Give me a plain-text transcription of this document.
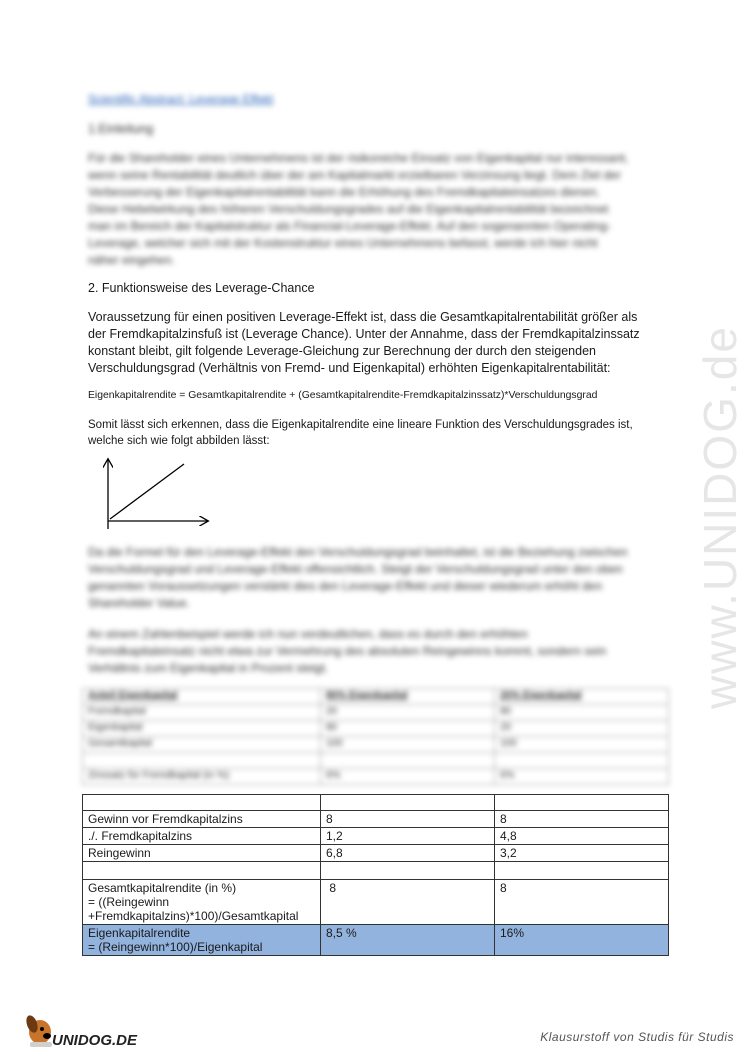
www.UNIDOG.de
Scientific Abstract: Leverage Effekt
1.Einleitung
Für die Shareholder eines Unternehmens ist der risikoreiche Einsatz von Eigenkapital nur interessant,
wenn seine Rentabilität deutlich über der am Kapitalmarkt erzielbaren Verzinsung liegt. Dem Ziel der
Verbesserung der Eigenkapitalrentabilität kann die Erhöhung des Fremdkapitaleinsatzes dienen.
Diese Hebelwirkung des höheren Verschuldungsgrades auf die Eigenkapitalrentabilität bezeichnet
man im Bereich der Kapitalstruktur als Financial-Leverage-Effekt. Auf den sogenannten Operating-
Leverage, welcher sich mit der Kostenstruktur eines Unternehmens befasst, werde ich hier nicht
näher eingehen.
2. Funktionsweise des Leverage-Chance
Voraussetzung für einen positiven Leverage-Effekt ist, dass die Gesamtkapitalrentabilität größer als
der Fremdkapitalzinsfuß ist (Leverage Chance). Unter der Annahme, dass der Fremdkapitalzinssatz
konstant bleibt, gilt folgende Leverage-Gleichung zur Berechnung der durch den steigenden
Verschuldungsgrad (Verhältnis von Fremd- und Eigenkapital) erhöhten Eigenkapitalrentabilität:
Eigenkapitalrendite = Gesamtkapitalrendite + (Gesamtkapitalrendite-Fremdkapitalzinssatz)*Verschuldungsgrad
Somit lässt sich erkennen, dass die Eigenkapitalrendite eine lineare Funktion des Verschuldungsgrades ist,
welche sich wie folgt abbilden lässt:
Da die Formel für den Leverage-Effekt den Verschuldungsgrad beinhaltet, ist die Beziehung zwischen
Verschuldungsgrad und Leverage-Effekt offensichtlich. Steigt der Verschuldungsgrad unter den oben
genannten Voraussetzungen verstärkt dies den Leverage-Effekt und dieser wiederum erhöht den
Shareholder Value.
An einem Zahlenbeispiel werde ich nun verdeutlichen, dass es durch den erhöhten
Fremdkapitaleinsatz nicht etwa zur Vermehrung des absoluten Reingewinns kommt, sondern sein
Verhältnis zum Eigenkapital in Prozent steigt.
Anteil Eigenkapital	80% Eigenkapital	20% Eigenkapital
Fremdkapital	20	80
Eigenkapital	80	20
Gesamtkapital	100	100

Zinssatz für Fremdkapital (in %)	6%	6%

Gewinn vor Fremdkapitalzins	8	8
./. Fremdkapitalzins	1,2	4,8
Reingewinn	6,8	3,2

Gesamtkapitalrendite (in %)
= ((Reingewinn
+Fremdkapitalzins)*100)/Gesamtkapital	8	8

Eigenkapitalrendite
= (Reingewinn*100)/Eigenkapital	8,5 %	16%
UNIDOG.DE	Klausurstoff von Studis für Studis
